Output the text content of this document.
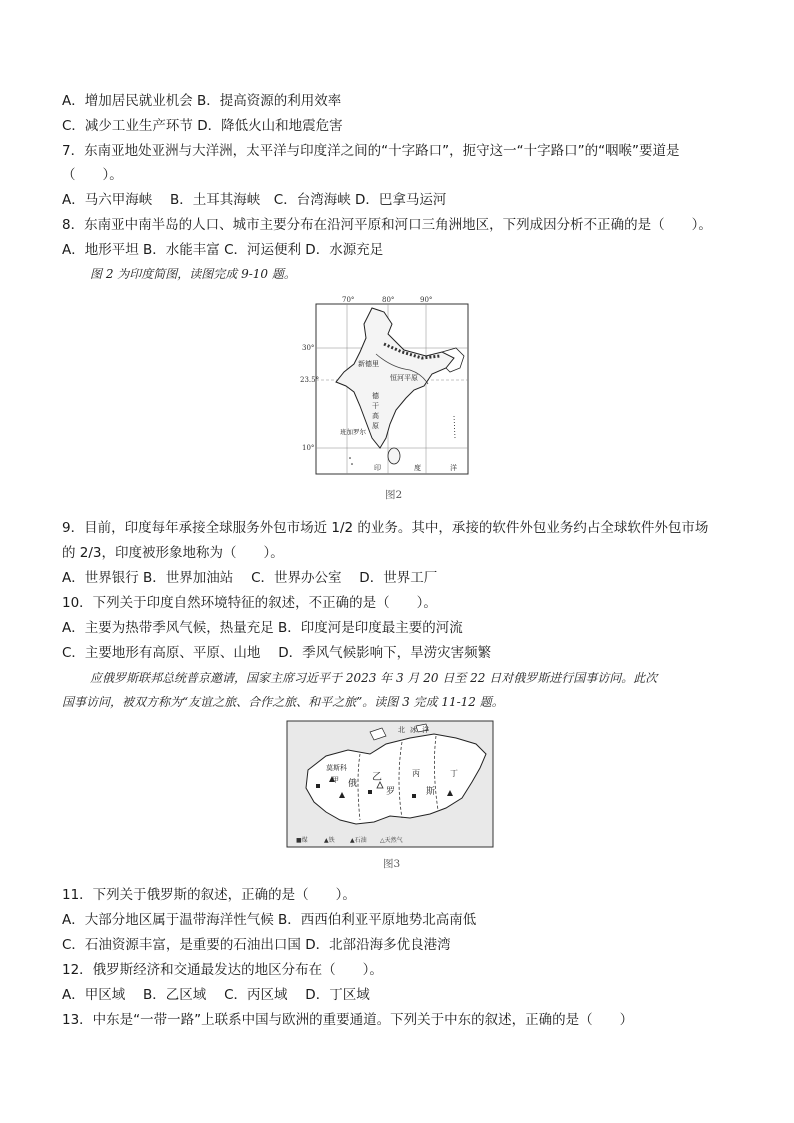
A．增加居民就业机会 B．提高资源的利用效率
C．减少工业生产环节 D．降低火山和地震危害
7．东南亚地处亚洲与大洋洲，太平洋与印度洋之间的“十字路口”，扼守这一“十字路口”的“咽喉”要道是
（　　）。
A．马六甲海峡　 B．土耳其海峡　C．台湾海峡 D．巴拿马运河
8．东南亚中南半岛的人口、城市主要分布在沿河平原和河口三角洲地区，下列成因分析不正确的是（　　）。
A．地形平坦 B．水能丰富 C．河运便利 D．水源充足
图 2 为印度简图，读图完成 9-10 题。
70°	80°	90°
30°
23.5°
10°
新德里
恒河平原
德
干
高
原
班加罗尔
印	度	洋
图2
9．目前，印度每年承接全球服务外包市场近 1/2 的业务。其中，承接的软件外包业务约占全球软件外包市场
的 2/3，印度被形象地称为（　　）。
A．世界银行 B．世界加油站　 C．世界办公室　 D．世界工厂
10．下列关于印度自然环境特征的叙述，不正确的是（　　）。
A．主要为热带季风气候，热量充足 B．印度河是印度最主要的河流
C．主要地形有高原、平原、山地　 D．季风气候影响下，旱涝灾害频繁
应俄罗斯联邦总统普京邀请，国家主席习近平于 2023 年 3 月 20 日至 22 日对俄罗斯进行国事访问。此次
国事访问，被双方称为“友谊之旅、合作之旅、和平之旅”。读图 3 完成 11-12 题。
北 冰 洋
莫斯科
甲	乙	丙	丁
俄
罗	斯
■煤	▲铁	▲石油 △天然气
图3
11．下列关于俄罗斯的叙述，正确的是（　　）。
A．大部分地区属于温带海洋性气候 B．西西伯利亚平原地势北高南低
C．石油资源丰富，是重要的石油出口国 D．北部沿海多优良港湾
12．俄罗斯经济和交通最发达的地区分布在（　　）。
A．甲区域　 B．乙区域　 C．丙区域　 D．丁区域
13．中东是“一带一路”上联系中国与欧洲的重要通道。下列关于中东的叙述，正确的是（　　）
